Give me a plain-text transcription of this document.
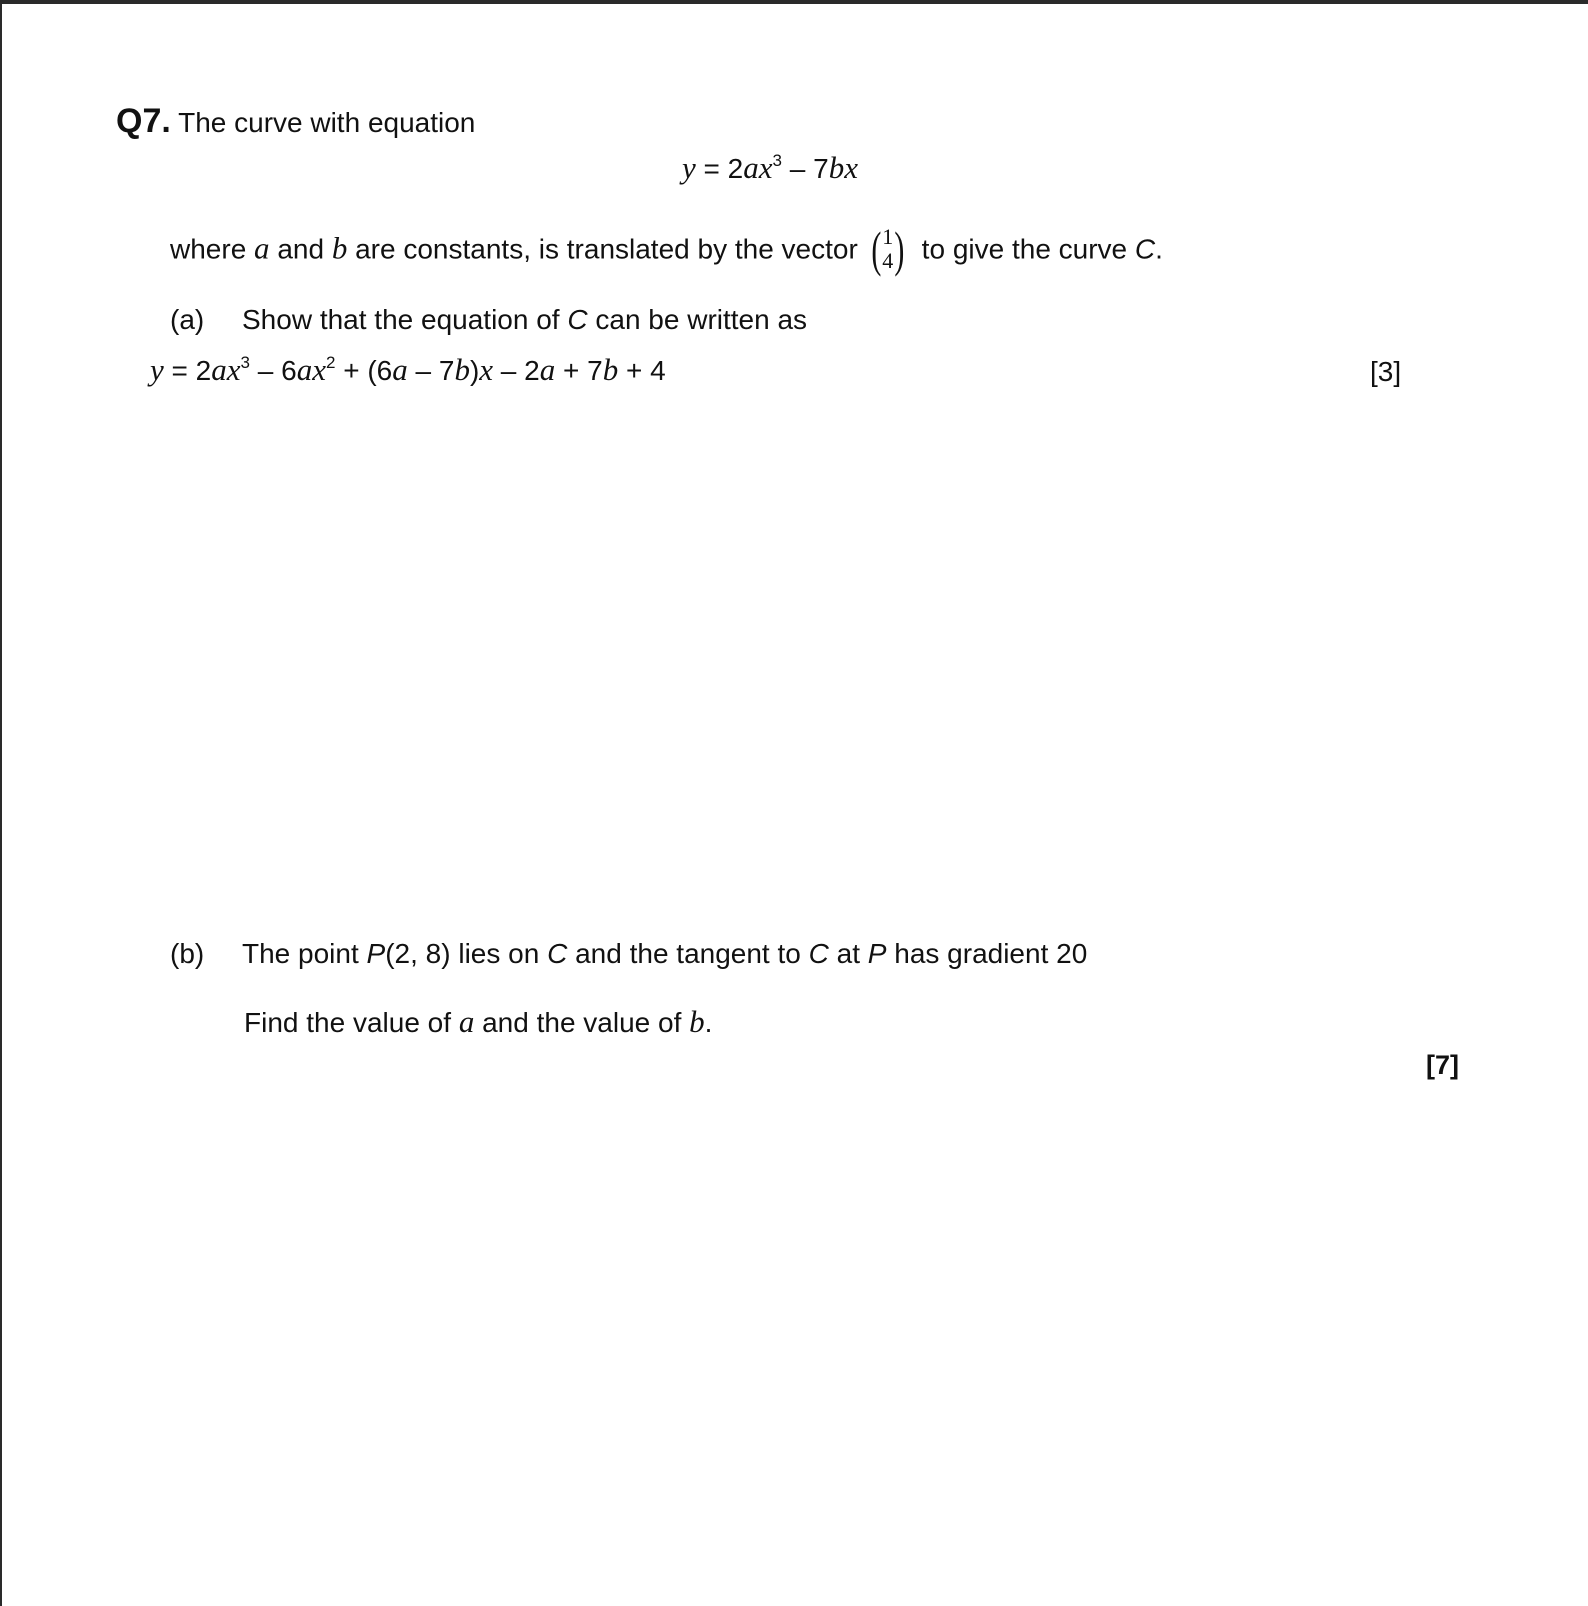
Q7. The curve with equation
$y = 2ax^3 - 7bx$
where a and b are constants, is translated by the vector ( 1
4 ) to give the curve C.
(a) Show that the equation of C can be written as
$y = 2ax^3 - 6ax^2 + (6a - 7b)x - 2a + 7b + 4$	[3]
(b) The point P(2, 8) lies on C and the tangent to C at P has gradient 20
Find the value of a and the value of b.
[7]
